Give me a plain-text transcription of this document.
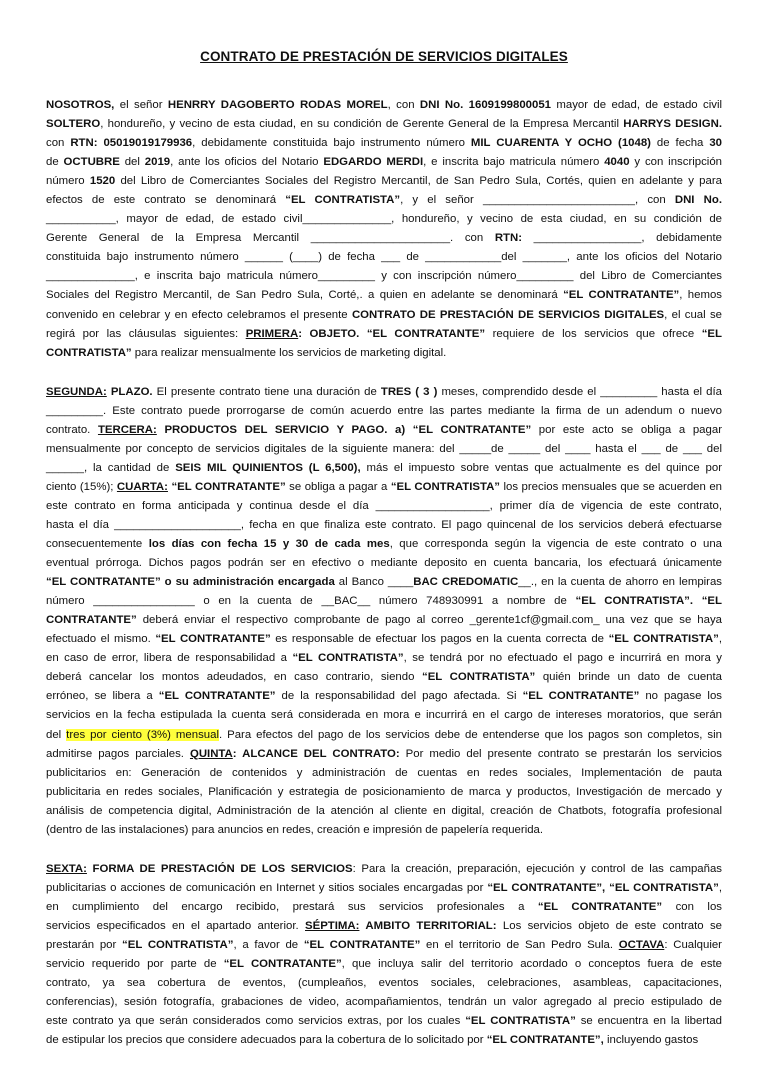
CONTRATO DE PRESTACIÓN DE SERVICIOS DIGITALES
NOSOTROS, el señor HENRRY DAGOBERTO RODAS MOREL, con DNI No. 1609199800051 mayor de edad, de estado civil
SOLTERO, hondureño, y vecino de esta ciudad, en su condición de Gerente General de la Empresa Mercantil HARRYS DESIGN.
con RTN: 05019019179936, debidamente constituida bajo instrumento número MIL CUARENTA Y OCHO (1048) de fecha 30
de OCTUBRE del 2019, ante los oficios del Notario EDGARDO MERDI, e inscrita bajo matricula número 4040 y con inscripción
número 1520 del Libro de Comerciantes Sociales del Registro Mercantil, de San Pedro Sula, Cortés, quien en adelante y para
efectos de este contrato se denominará “EL CONTRATISTA”, y el señor ________________________, con DNI No.
___________, mayor de edad, de estado civil______________, hondureño, y vecino de esta ciudad, en su condición de
Gerente General de la Empresa Mercantil ______________________. con RTN: _________________, debidamente
constituida bajo instrumento número ______ (____) de fecha ___ de ____________del _______, ante los oficios del Notario
______________, e inscrita bajo matricula número_________ y con inscripción número_________ del Libro de Comerciantes
Sociales del Registro Mercantil, de San Pedro Sula, Corté,. a quien en adelante se denominará “EL CONTRATANTE”, hemos
convenido en celebrar y en efecto celebramos el presente CONTRATO DE PRESTACIÓN DE SERVICIOS DIGITALES, el cual se
regirá por las cláusulas siguientes: PRIMERA: OBJETO. “EL CONTRATANTE” requiere de los servicios que ofrece “EL
CONTRATISTA” para realizar mensualmente los servicios de marketing digital.
SEGUNDA: PLAZO. El presente contrato tiene una duración de TRES ( 3 ) meses, comprendido desde el _________ hasta el día
_________. Este contrato puede prorrogarse de común acuerdo entre las partes mediante la firma de un adendum o nuevo
contrato. TERCERA: PRODUCTOS DEL SERVICIO Y PAGO. a) “EL CONTRATANTE” por este acto se obliga a pagar
mensualmente por concepto de servicios digitales de la siguiente manera: del _____de _____ del ____ hasta el ___ de ___ del
______, la cantidad de SEIS MIL QUINIENTOS (L 6,500), más el impuesto sobre ventas que actualmente es del quince por
ciento (15%); CUARTA: “EL CONTRATANTE” se obliga a pagar a “EL CONTRATISTA” los precios mensuales que se acuerden en
este contrato en forma anticipada y continua desde el día __________________, primer día de vigencia de este contrato,
hasta el día ____________________, fecha en que finaliza este contrato. El pago quincenal de los servicios deberá efectuarse
consecuentemente los días con fecha 15 y 30 de cada mes, que corresponda según la vigencia de este contrato o una
eventual prórroga. Dichos pagos podrán ser en efectivo o mediante deposito en cuenta bancaria, los efectuará únicamente
“EL CONTRATANTE” o su administración encargada al Banco ____BAC CREDOMATIC__., en la cuenta de ahorro en lempiras
número ________________ o en la cuenta de __BAC__ número 748930991 a nombre de “EL CONTRATISTA”. “EL
CONTRATANTE” deberá enviar el respectivo comprobante de pago al correo _gerente1cf@gmail.com_ una vez que se haya
efectuado el mismo. “EL CONTRATANTE” es responsable de efectuar los pagos en la cuenta correcta de “EL CONTRATISTA”,
en caso de error, libera de responsabilidad a “EL CONTRATISTA”, se tendrá por no efectuado el pago e incurrirá en mora y
deberá cancelar los montos adeudados, en caso contrario, siendo “EL CONTRATISTA” quién brinde un dato de cuenta
erróneo, se libera a “EL CONTRATANTE” de la responsabilidad del pago afectada. Si “EL CONTRATANTE” no pagase los
servicios en la fecha estipulada la cuenta será considerada en mora e incurrirá en el cargo de intereses moratorios, que serán
del tres por ciento (3%) mensual. Para efectos del pago de los servicios debe de entenderse que los pagos son completos, sin
admitirse pagos parciales. QUINTA: ALCANCE DEL CONTRATO: Por medio del presente contrato se prestarán los servicios
publicitarios en: Generación de contenidos y administración de cuentas en redes sociales, Implementación de pauta
publicitaria en redes sociales, Planificación y estrategia de posicionamiento de marca y productos, Investigación de mercado y
análisis de competencia digital, Administración de la atención al cliente en digital, creación de Chatbots, fotografía profesional
(dentro de las instalaciones) para anuncios en redes, creación e impresión de papelería requerida.
SEXTA: FORMA DE PRESTACIÓN DE LOS SERVICIOS: Para la creación, preparación, ejecución y control de las campañas
publicitarias o acciones de comunicación en Internet y sitios sociales encargadas por “EL CONTRATANTE”, “EL CONTRATISTA”,
en cumplimiento del encargo recibido, prestará sus servicios profesionales a “EL CONTRATANTE” con los
servicios especificados en el apartado anterior. SÉPTIMA: AMBITO TERRITORIAL: Los servicios objeto de este contrato se
prestarán por “EL CONTRATISTA”, a favor de “EL CONTRATANTE” en el territorio de San Pedro Sula. OCTAVA: Cualquier
servicio requerido por parte de “EL CONTRATANTE”, que incluya salir del territorio acordado o conceptos fuera de este
contrato, ya sea cobertura de eventos, (cumpleaños, eventos sociales, celebraciones, asambleas, capacitaciones,
conferencias), sesión fotografía, grabaciones de video, acompañamientos, tendrán un valor agregado al precio estipulado de
este contrato ya que serán considerados como servicios extras, por los cuales “EL CONTRATISTA” se encuentra en la libertad
de estipular los precios que considere adecuados para la cobertura de lo solicitado por “EL CONTRATANTE”, incluyendo gastos
